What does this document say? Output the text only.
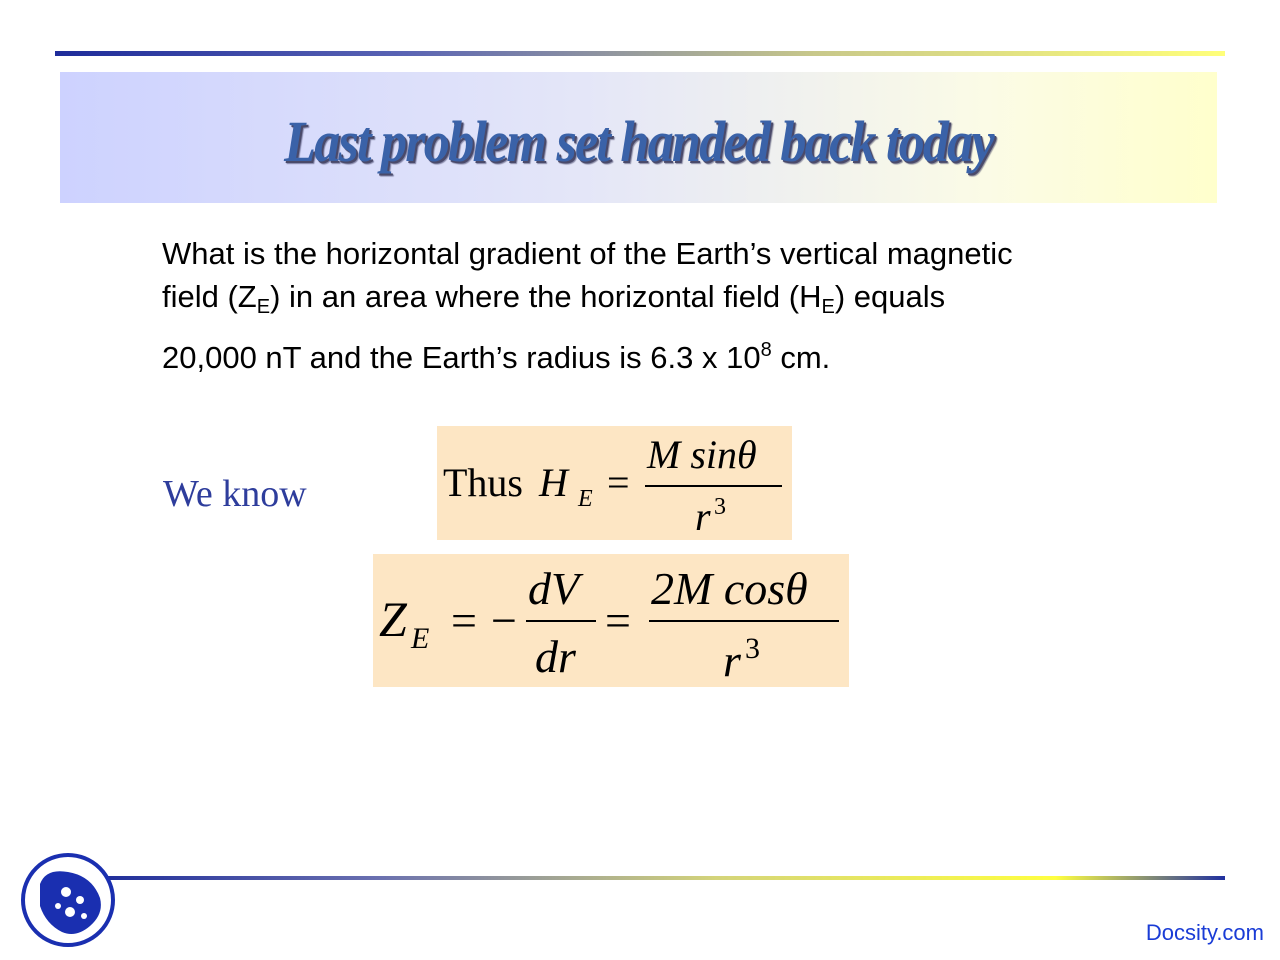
Last problem set handed back today
What is the horizontal gradient of the Earth’s vertical magnetic
field $(Z_E)$ in an area where the horizontal field $(H_E)$ equals
20,000 nT and the Earth’s radius is 6.3 x $10^8$ cm.
We know	Thus H E =
M sinθ
r 3
Z E = −
dV
dr
=
2M cosθ
r 3
Docsity.com
